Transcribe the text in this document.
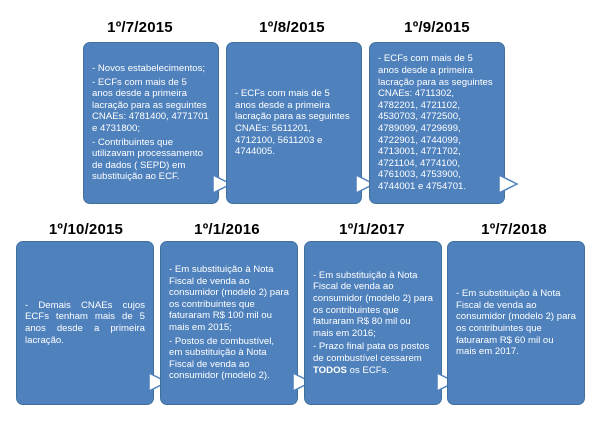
1º/7/2015

- Novos estabelecimentos;

- ECFs com mais de 5 anos desde a primeira lacração para as seguintes CNAEs: 4781400, 4771701 e 4731800;

- Contribuintes que utilizavam processamento de dados ( SEPD) em substituição ao ECF.

1º/8/2015

- ECFs com mais de 5 anos desde a primeira lacração para as seguintes CNAEs: 5611201, 4712100, 5611203 e 4744005.

1º/9/2015

- ECFs com mais de 5 anos desde a primeira lacração para as seguintes CNAEs: 4711302, 4782201, 4721102, 4530703, 4772500, 4789099, 4729699, 4722901, 4744099, 4713001, 4771702, 4721104, 4774100, 4761003, 4753900, 4744001 e 4754701.

1º/10/2015

- Demais CNAEs cujos ECFs tenham mais de 5 anos desde a primeira lacração.

1º/1/2016

- Em substituição à Nota Fiscal de venda ao consumidor (modelo 2) para os contribuintes que faturaram R$ 100 mil ou mais em 2015;

- Postos de combustível, em substituição à Nota Fiscal de venda ao consumidor (modelo 2).

1º/1/2017

- Em substituição à Nota Fiscal de venda ao consumidor (modelo 2) para os contribuintes que faturaram R$ 80 mil ou mais em 2016;

- Prazo final pata os postos de combustível cessarem TODOS os ECFs.

1º/7/2018

- Em substituição à Nota Fiscal de venda ao consumidor (modelo 2) para os contribuintes que faturaram R$ 60 mil ou mais em 2017.
